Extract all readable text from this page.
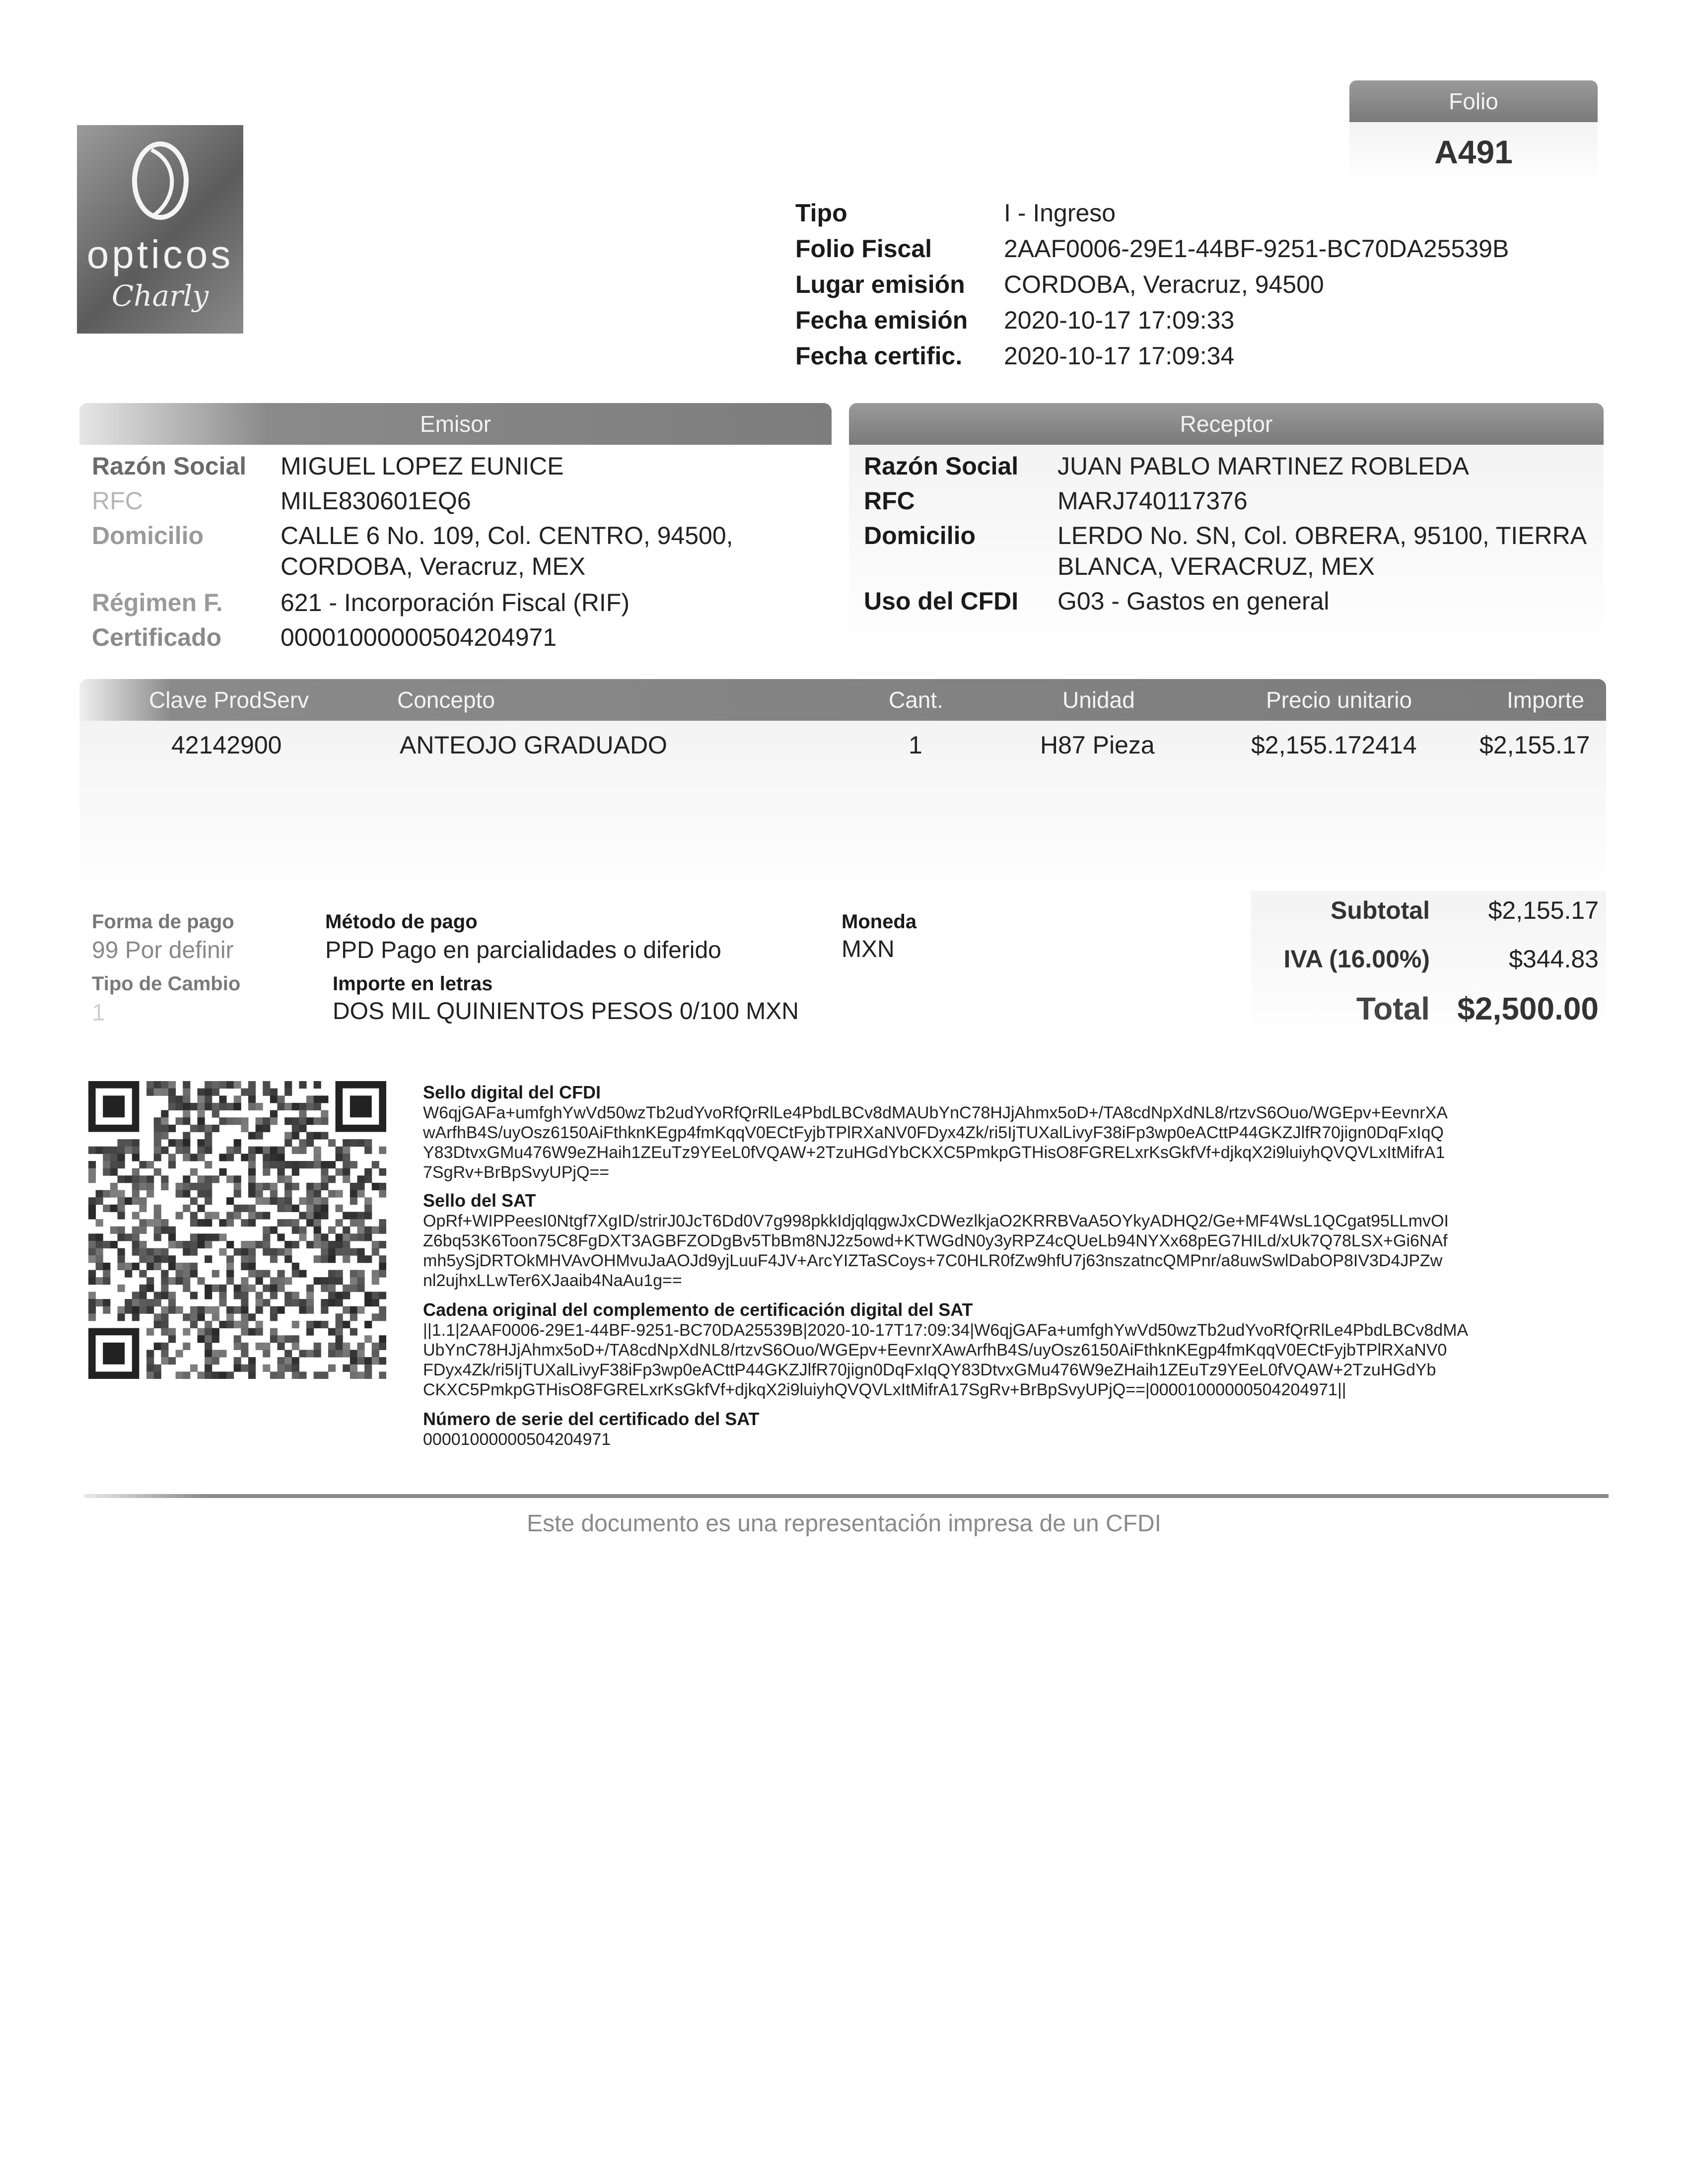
opticos
Charly
Folio
A491
Tipo	I - Ingreso
Folio Fiscal	2AAF0006-29E1-44BF-9251-BC70DA25539B
Lugar emisión CORDOBA, Veracruz, 94500
Fecha emisión 2020-10-17 17:09:33
Fecha certific. 2020-10-17 17:09:34
Emisor
Razón Social MIGUEL LOPEZ EUNICE
RFC	MILE830601EQ6
Domicilio	CALLE 6 No. 109, Col. CENTRO, 94500,
CORDOBA, Veracruz, MEX
Régimen F. 621 - Incorporación Fiscal (RIF)
Certificado 00001000000504204971
Receptor
Razón Social JUAN PABLO MARTINEZ ROBLEDA
RFC	MARJ740117376
Domicilio	LERDO No. SN, Col. OBRERA, 95100, TIERRA
BLANCA, VERACRUZ, MEX
Uso del CFDI G03 - Gastos en general
Clave ProdServ	Concepto	Cant.	Unidad	Precio unitario	Importe
42142900	ANTEOJO GRADUADO	1	H87 Pieza	$2,155.172414	$2,155.17
Forma de pago
99 Por definir
Método de pago
PPD Pago en parcialidades o diferido
Moneda
MXN
Tipo de Cambio
1
Importe en letras
DOS MIL QUINIENTOS PESOS 0/100 MXN
Subtotal $2,155.17
IVA (16.00%)	$344.83
Total $2,500.00
Sello digital del CFDI
W6qjGAFa+umfghYwVd50wzTb2udYvoRfQrRlLe4PbdLBCv8dMAUbYnC78HJjAhmx5oD+/TA8cdNpXdNL8/rtzvS6Ouo/WGEpv+EevnrXA
wArfhB4S/uyOsz6150AiFthknKEgp4fmKqqV0ECtFyjbTPlRXaNV0FDyx4Zk/ri5IjTUXalLivyF38iFp3wp0eACttP44GKZJlfR70jign0DqFxIqQ
Y83DtvxGMu476W9eZHaih1ZEuTz9YEeL0fVQAW+2TzuHGdYbCKXC5PmkpGTHisO8FGRELxrKsGkfVf+djkqX2i9luiyhQVQVLxItMifrA1
7SgRv+BrBpSvyUPjQ==
Sello del SAT
OpRf+WIPPeesI0Ntgf7XgID/strirJ0JcT6Dd0V7g998pkkIdjqlqgwJxCDWezlkjaO2KRRBVaA5OYkyADHQ2/Ge+MF4WsL1QCgat95LLmvOI
Z6bq53K6Toon75C8FgDXT3AGBFZODgBv5TbBm8NJ2z5owd+KTWGdN0y3yRPZ4cQUeLb94NYXx68pEG7HILd/xUk7Q78LSX+Gi6NAf
mh5ySjDRTOkMHVAvOHMvuJaAOJd9yjLuuF4JV+ArcYIZTaSCoys+7C0HLR0fZw9hfU7j63nszatncQMPnr/a8uwSwlDabOP8IV3D4JPZw
nl2ujhxLLwTer6XJaaib4NaAu1g==
Cadena original del complemento de certificación digital del SAT
||1.1|2AAF0006-29E1-44BF-9251-BC70DA25539B|2020-10-17T17:09:34|W6qjGAFa+umfghYwVd50wzTb2udYvoRfQrRlLe4PbdLBCv8dMA
UbYnC78HJjAhmx5oD+/TA8cdNpXdNL8/rtzvS6Ouo/WGEpv+EevnrXAwArfhB4S/uyOsz6150AiFthknKEgp4fmKqqV0ECtFyjbTPlRXaNV0
FDyx4Zk/ri5IjTUXalLivyF38iFp3wp0eACttP44GKZJlfR70jign0DqFxIqQY83DtvxGMu476W9eZHaih1ZEuTz9YEeL0fVQAW+2TzuHGdYb
CKXC5PmkpGTHisO8FGRELxrKsGkfVf+djkqX2i9luiyhQVQVLxItMifrA17SgRv+BrBpSvyUPjQ==|00001000000504204971||
Número de serie del certificado del SAT
00001000000504204971
Este documento es una representación impresa de un CFDI
